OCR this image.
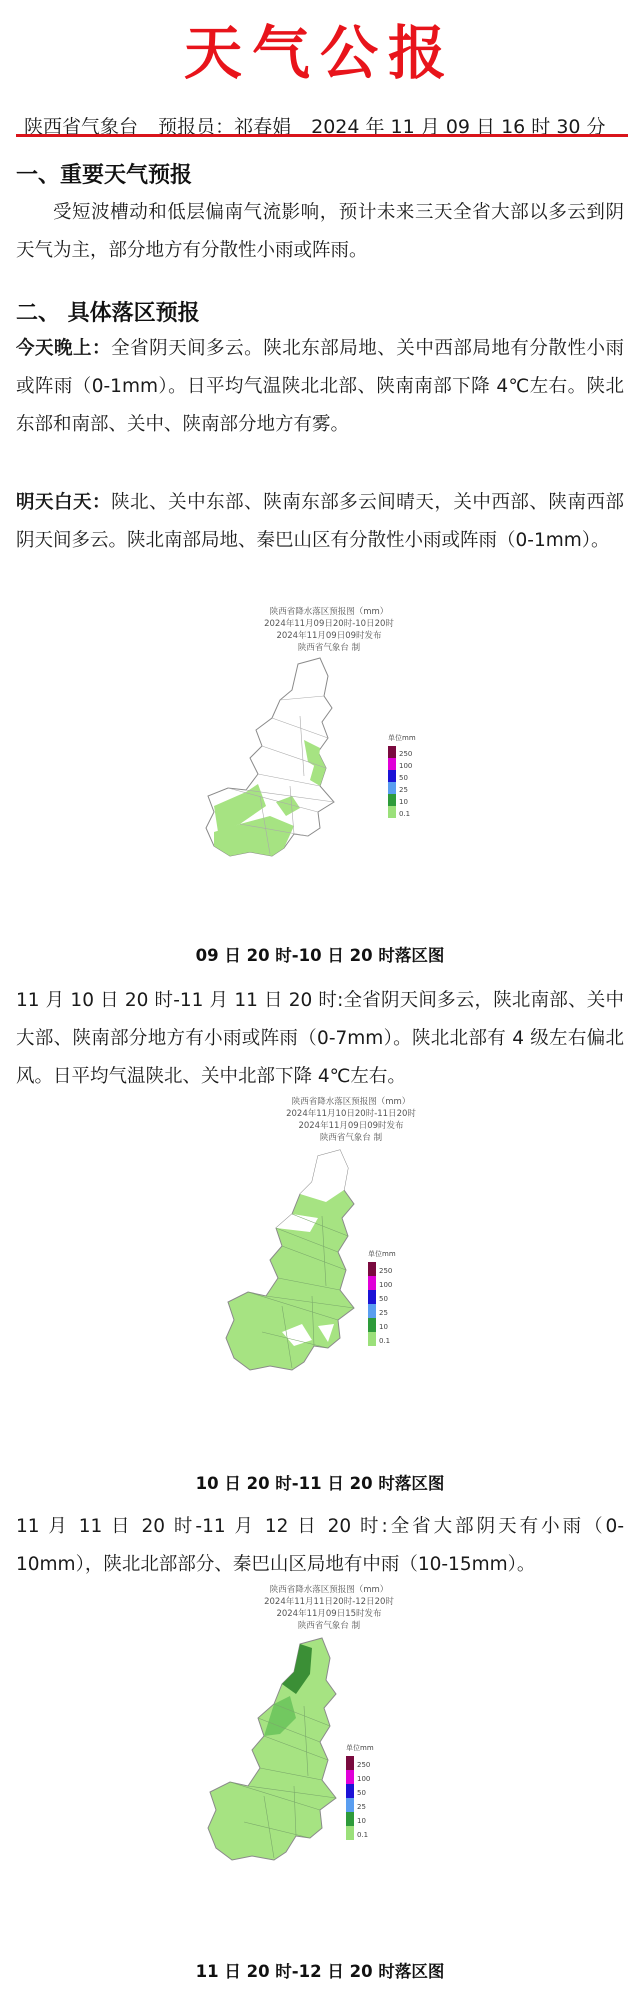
天气公报
陕西省气象台 预报员：祁春娟 2024 年 11 月 09 日 16 时 30 分
一、重要天气预报
受短波槽动和低层偏南气流影响，预计未来三天全省大部以多云到阴天气为主，部分地方有分散性小雨或阵雨。
二、 具体落区预报
今天晚上：全省阴天间多云。陕北东部局地、关中西部局地有分散性小雨或阵雨（0-1mm）。日平均气温陕北北部、陕南南部下降 4℃左右。陕北东部和南部、关中、陕南部分地方有雾。
明天白天：陕北、关中东部、陕南东部多云间晴天，关中西部、陕南西部阴天间多云。陕北南部局地、秦巴山区有分散性小雨或阵雨（0-1mm）。
陕西省降水落区预报图（mm）
2024年11月09日20时-10日20时
2024年11月09日09时发布
陕西省气象台 制
单位mm
250
100
50
25
10
0.1
09 日 20 时-10 日 20 时落区图
11 月 10 日 20 时-11 月 11 日 20 时:全省阴天间多云，陕北南部、关中大部、陕南部分地方有小雨或阵雨（0-7mm）。陕北北部有 4 级左右偏北风。日平均气温陕北、关中北部下降 4℃左右。
陕西省降水落区预报图（mm）
2024年11月10日20时-11日20时
2024年11月09日09时发布
陕西省气象台 制
单位mm
250
100
50
25
10
0.1
10 日 20 时-11 日 20 时落区图
11 月 11 日 20 时-11 月 12 日 20 时:全省大部阴天有小雨（0-10mm），陕北北部部分、秦巴山区局地有中雨（10-15mm）。
陕西省降水落区预报图（mm）
2024年11月11日20时-12日20时
2024年11月09日15时发布
陕西省气象台 制
单位mm
250
100
50
25
10
0.1
11 日 20 时-12 日 20 时落区图
